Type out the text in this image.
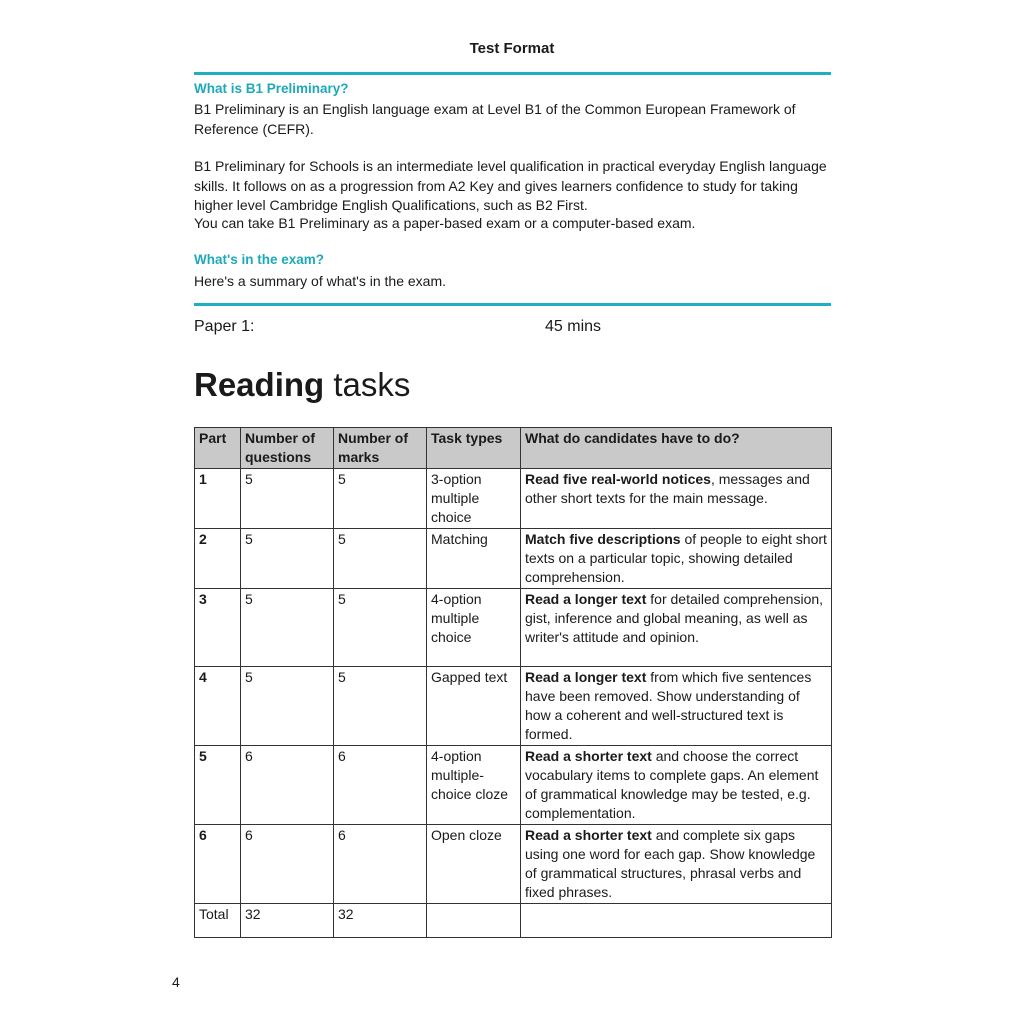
Test Format
What is B1 Preliminary?
B1 Preliminary is an English language exam at Level B1 of the Common European Framework of Reference (CEFR).
B1 Preliminary for Schools is an intermediate level qualification in practical everyday English language skills. It follows on as a progression from A2 Key and gives learners confidence to study for taking higher level Cambridge English Qualifications, such as B2 First.
You can take B1 Preliminary as a paper-based exam or a computer-based exam.
What's in the exam?
Here's a summary of what's in the exam.
Paper 1:	45 mins
Reading tasks
Part	Number of questions	Number of marks	Task types	What do candidates have to do?
1	5	5	3-option multiple choice	Read five real-world notices, messages and other short texts for the main message.
2	5	5	Matching	Match five descriptions of people to eight short texts on a particular topic, showing detailed comprehension.
3	5	5	4-option multiple choice	Read a longer text for detailed comprehension, gist, inference and global meaning, as well as writer's attitude and opinion.
4	5	5	Gapped text	Read a longer text from which five sentences have been removed. Show understanding of how a coherent and well-structured text is formed.
5	6	6	4-option multiple-choice cloze	Read a shorter text and choose the correct vocabulary items to complete gaps. An element of grammatical knowledge may be tested, e.g. complementation.
6	6	6	Open cloze	Read a shorter text and complete six gaps using one word for each gap. Show knowledge of grammatical structures, phrasal verbs and fixed phrases.
Total	32	32		
4
